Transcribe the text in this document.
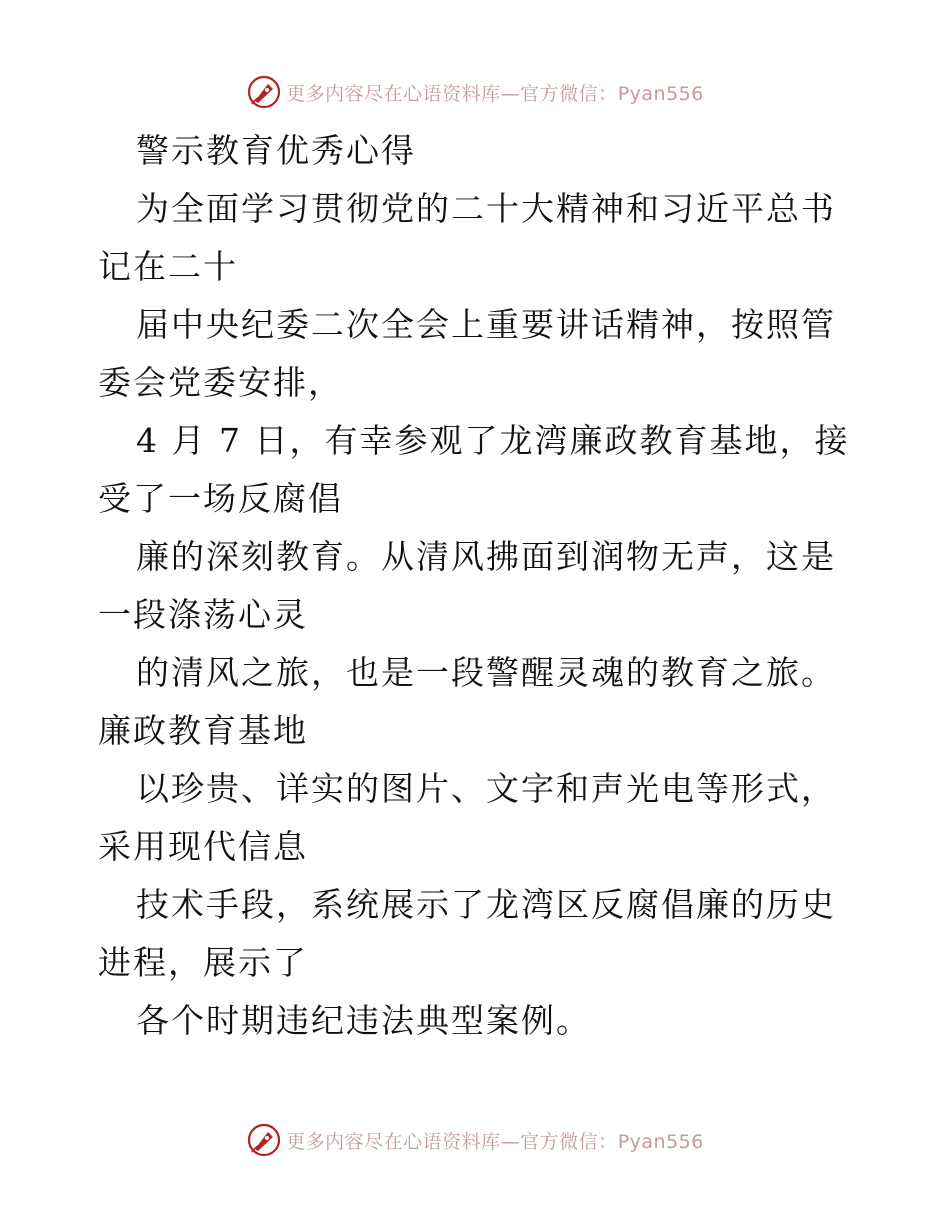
更多内容尽在心语资料库—官方微信：Pyan556

警示教育优秀心得

为全面学习贯彻党的二十大精神和习近平总书记在二十

届中央纪委二次全会上重要讲话精神，按照管委会党委安排，

4 月 7 日，有幸参观了龙湾廉政教育基地，接受了一场反腐倡

廉的深刻教育。从清风拂面到润物无声，这是一段涤荡心灵

的清风之旅，也是一段警醒灵魂的教育之旅。廉政教育基地

以珍贵、详实的图片、文字和声光电等形式，采用现代信息

技术手段，系统展示了龙湾区反腐倡廉的历史进程，展示了

各个时期违纪违法典型案例。

更多内容尽在心语资料库—官方微信：Pyan556
